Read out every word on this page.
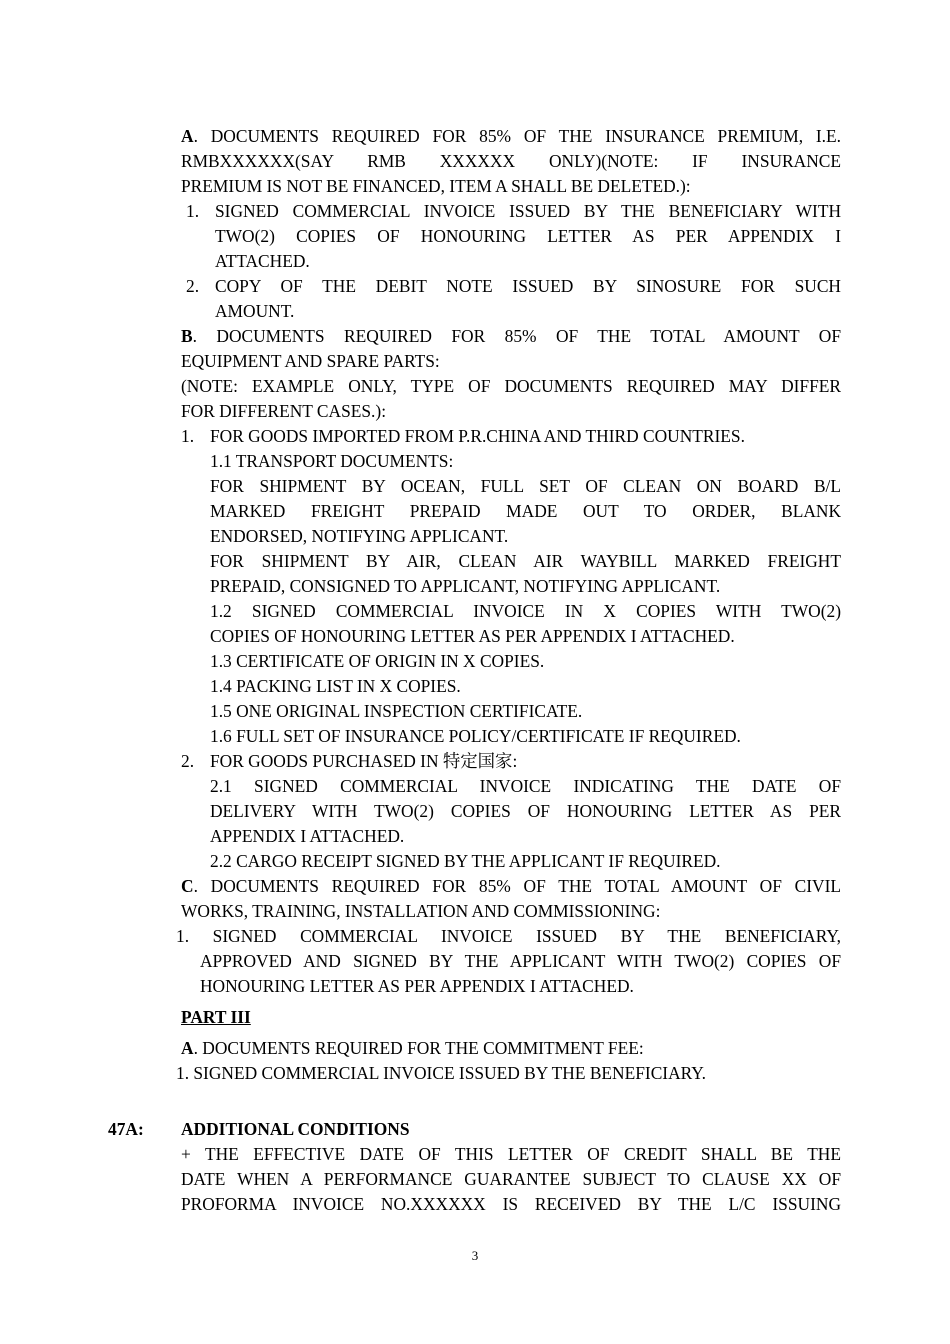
A. DOCUMENTS REQUIRED FOR 85% OF THE INSURANCE PREMIUM, I.E.
RMBXXXXXX(SAY RMB XXXXXX ONLY)(NOTE: IF INSURANCE
PREMIUM IS NOT BE FINANCED, ITEM A SHALL BE DELETED.):
1. SIGNED COMMERCIAL INVOICE ISSUED BY THE BENEFICIARY WITH
TWO(2) COPIES OF HONOURING LETTER AS PER APPENDIX I
ATTACHED.
2. COPY OF THE DEBIT NOTE ISSUED BY SINOSURE FOR SUCH
AMOUNT.
B. DOCUMENTS REQUIRED FOR 85% OF THE TOTAL AMOUNT OF
EQUIPMENT AND SPARE PARTS:
(NOTE: EXAMPLE ONLY, TYPE OF DOCUMENTS REQUIRED MAY DIFFER
FOR DIFFERENT CASES.):
1. FOR GOODS IMPORTED FROM P.R.CHINA AND THIRD COUNTRIES.
1.1 TRANSPORT DOCUMENTS:
FOR SHIPMENT BY OCEAN, FULL SET OF CLEAN ON BOARD B/L
MARKED FREIGHT PREPAID MADE OUT TO ORDER, BLANK
ENDORSED, NOTIFYING APPLICANT.
FOR SHIPMENT BY AIR, CLEAN AIR WAYBILL MARKED FREIGHT
PREPAID, CONSIGNED TO APPLICANT, NOTIFYING APPLICANT.
1.2 SIGNED COMMERCIAL INVOICE IN X COPIES WITH TWO(2)
COPIES OF HONOURING LETTER AS PER APPENDIX I ATTACHED.
1.3 CERTIFICATE OF ORIGIN IN X COPIES.
1.4 PACKING LIST IN X COPIES.
1.5 ONE ORIGINAL INSPECTION CERTIFICATE.
1.6 FULL SET OF INSURANCE POLICY/CERTIFICATE IF REQUIRED.
2. FOR GOODS PURCHASED IN 特定国家:
2.1 SIGNED COMMERCIAL INVOICE INDICATING THE DATE OF
DELIVERY WITH TWO(2) COPIES OF HONOURING LETTER AS PER
APPENDIX I ATTACHED.
2.2 CARGO RECEIPT SIGNED BY THE APPLICANT IF REQUIRED.
C. DOCUMENTS REQUIRED FOR 85% OF THE TOTAL AMOUNT OF CIVIL
WORKS, TRAINING, INSTALLATION AND COMMISSIONING:
1. SIGNED COMMERCIAL INVOICE ISSUED BY THE BENEFICIARY,
APPROVED AND SIGNED BY THE APPLICANT WITH TWO(2) COPIES OF
HONOURING LETTER AS PER APPENDIX I ATTACHED.
PART III
A. DOCUMENTS REQUIRED FOR THE COMMITMENT FEE:
1. SIGNED COMMERCIAL INVOICE ISSUED BY THE BENEFICIARY.
47A: ADDITIONAL CONDITIONS
+ THE EFFECTIVE DATE OF THIS LETTER OF CREDIT SHALL BE THE
DATE WHEN A PERFORMANCE GUARANTEE SUBJECT TO CLAUSE XX OF
PROFORMA INVOICE NO.XXXXXX IS RECEIVED BY THE L/C ISSUING
3
